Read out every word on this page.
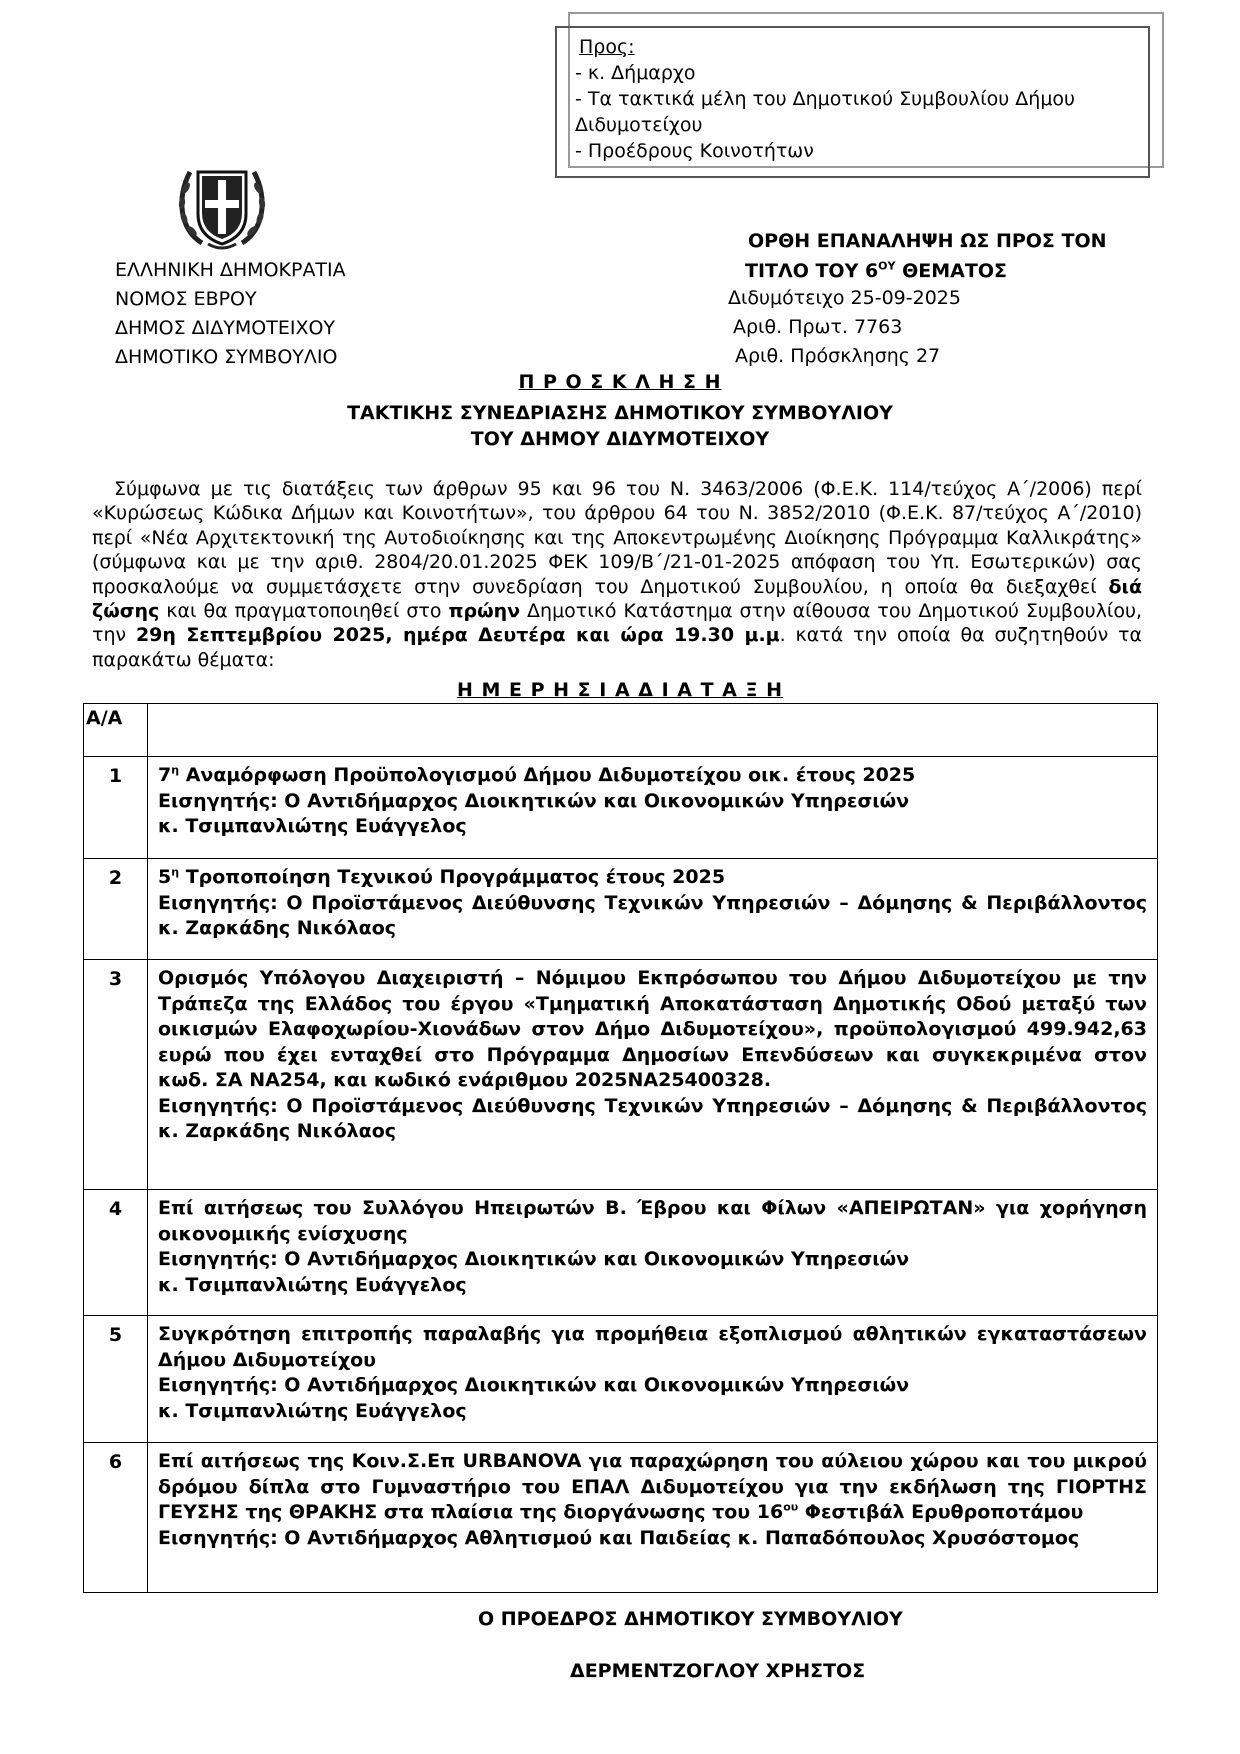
Προς:
- κ. Δήμαρχο
- Τα τακτικά μέλη του Δημοτικού Συμβουλίου Δήμου
Διδυμοτείχου
- Προέδρους Κοινοτήτων
ΕΛΛΗΝΙΚΗ ΔΗΜΟΚΡΑΤΙΑ
ΝΟΜΟΣ ΕΒΡΟΥ
ΔΗΜΟΣ ΔΙΔΥΜΟΤΕΙΧΟΥ
ΔΗΜΟΤΙΚΟ ΣΥΜΒΟΥΛΙΟ
ΟΡΘΗ ΕΠΑΝΑΛΗΨΗ ΩΣ ΠΡΟΣ ΤΟΝ
ΤΙΤΛΟ ΤΟΥ $6^{O\Upsilon}$ ΘΕΜΑΤΟΣ
Διδυμότειχο 25-09-2025
Αριθ. Πρωτ. 7763
Αριθ. Πρόσκλησης 27
Π Ρ Ο Σ Κ Λ Η Σ Η
ΤΑΚΤΙΚΗΣ ΣΥΝΕΔΡΙΑΣΗΣ ΔΗΜΟΤΙΚΟΥ ΣΥΜΒΟΥΛΙΟΥ
ΤΟΥ ΔΗΜΟΥ ΔΙΔΥΜΟΤΕΙΧΟΥ

Σύμφωνα με τις διατάξεις των άρθρων 95 και 96 του Ν. 3463/2006 (Φ.Ε.Κ. 114/τεύχος Α΄/2006) περί «Κυρώσεως Κώδικα Δήμων και Κοινοτήτων», του άρθρου 64 του Ν. 3852/2010 (Φ.Ε.Κ. 87/τεύχος Α΄/2010) περί «Νέα Αρχιτεκτονική της Αυτοδιοίκησης και της Αποκεντρωμένης Διοίκησης Πρόγραμμα Καλλικράτης» (σύμφωνα και με την αριθ. 2804/20.01.2025 ΦΕΚ 109/Β΄/21-01-2025 απόφαση του Υπ. Εσωτερικών) σας προσκαλούμε να συμμετάσχετε στην συνεδρίαση του Δημοτικού Συμβουλίου, η οποία θα διεξαχθεί διά ζώσης και θα πραγματοποιηθεί στο πρώην Δημοτικό Κατάστημα στην αίθουσα του Δημοτικού Συμβουλίου, την 29η Σεπτεμβρίου 2025, ημέρα Δευτέρα και ώρα 19.30 μ.μ. κατά την οποία θα συζητηθούν τα παρακάτω θέματα:

Η Μ Ε Ρ Η Σ Ι Α Δ Ι Α Τ Α Ξ Η
Α/Α	
1	$7^\eta$ Αναμόρφωση Προϋπολογισμού Δήμου Διδυμοτείχου οικ. έτους 2025
Εισηγητής: Ο Αντιδήμαρχος Διοικητικών και Οικονομικών Υπηρεσιών
κ. Τσιμπανλιώτης Ευάγγελος

2	$5^\eta$ Τροποποίηση Τεχνικού Προγράμματος έτους 2025
Εισηγητής: Ο Προϊστάμενος Διεύθυνσης Τεχνικών Υπηρεσιών – Δόμησης & Περιβάλλοντος κ. Ζαρκάδης Νικόλαος

3	Ορισμός Υπόλογου Διαχειριστή – Νόμιμου Εκπρόσωπου του Δήμου Διδυμοτείχου με την Τράπεζα της Ελλάδος του έργου «Τμηματική Αποκατάσταση Δημοτικής Οδού μεταξύ των οικισμών Ελαφοχωρίου-Χιονάδων στον Δήμο Διδυμοτείχου», προϋπολογισμού 499.942,63 ευρώ που έχει ενταχθεί στο Πρόγραμμα Δημοσίων Επενδύσεων και συγκεκριμένα στον κωδ. ΣΑ ΝΑ254, και κωδικό ενάριθμου 2025ΝΑ25400328.
Εισηγητής: Ο Προϊστάμενος Διεύθυνσης Τεχνικών Υπηρεσιών – Δόμησης & Περιβάλλοντος κ. Ζαρκάδης Νικόλαος

4	Επί αιτήσεως του Συλλόγου Ηπειρωτών Β. Έβρου και Φίλων «ΑΠΕΙΡΩΤΑΝ» για χορήγηση οικονομικής ενίσχυσης
Εισηγητής: Ο Αντιδήμαρχος Διοικητικών και Οικονομικών Υπηρεσιών
κ. Τσιμπανλιώτης Ευάγγελος

5	Συγκρότηση επιτροπής παραλαβής για προμήθεια εξοπλισμού αθλητικών εγκαταστάσεων Δήμου Διδυμοτείχου
Εισηγητής: Ο Αντιδήμαρχος Διοικητικών και Οικονομικών Υπηρεσιών
κ. Τσιμπανλιώτης Ευάγγελος

6	Επί αιτήσεως της Κοιν.Σ.Επ URBANOVA για παραχώρηση του αύλειου χώρου και του μικρού δρόμου δίπλα στο Γυμναστήριο του ΕΠΑΛ Διδυμοτείχου για την εκδήλωση της ΓΙΟΡΤΗΣ ΓΕΥΣΗΣ της ΘΡΑΚΗΣ στα πλαίσια της διοργάνωσης του $16^{o\upsilon}$ Φεστιβάλ Ερυθροποτάμου
Εισηγητής: Ο Αντιδήμαρχος Αθλητισμού και Παιδείας κ. Παπαδόπουλος Χρυσόστομος
Ο ΠΡΟΕΔΡΟΣ ΔΗΜΟΤΙΚΟΥ ΣΥΜΒΟΥΛΙΟΥ
ΔΕΡΜΕΝΤΖΟΓΛΟΥ ΧΡΗΣΤΟΣ
